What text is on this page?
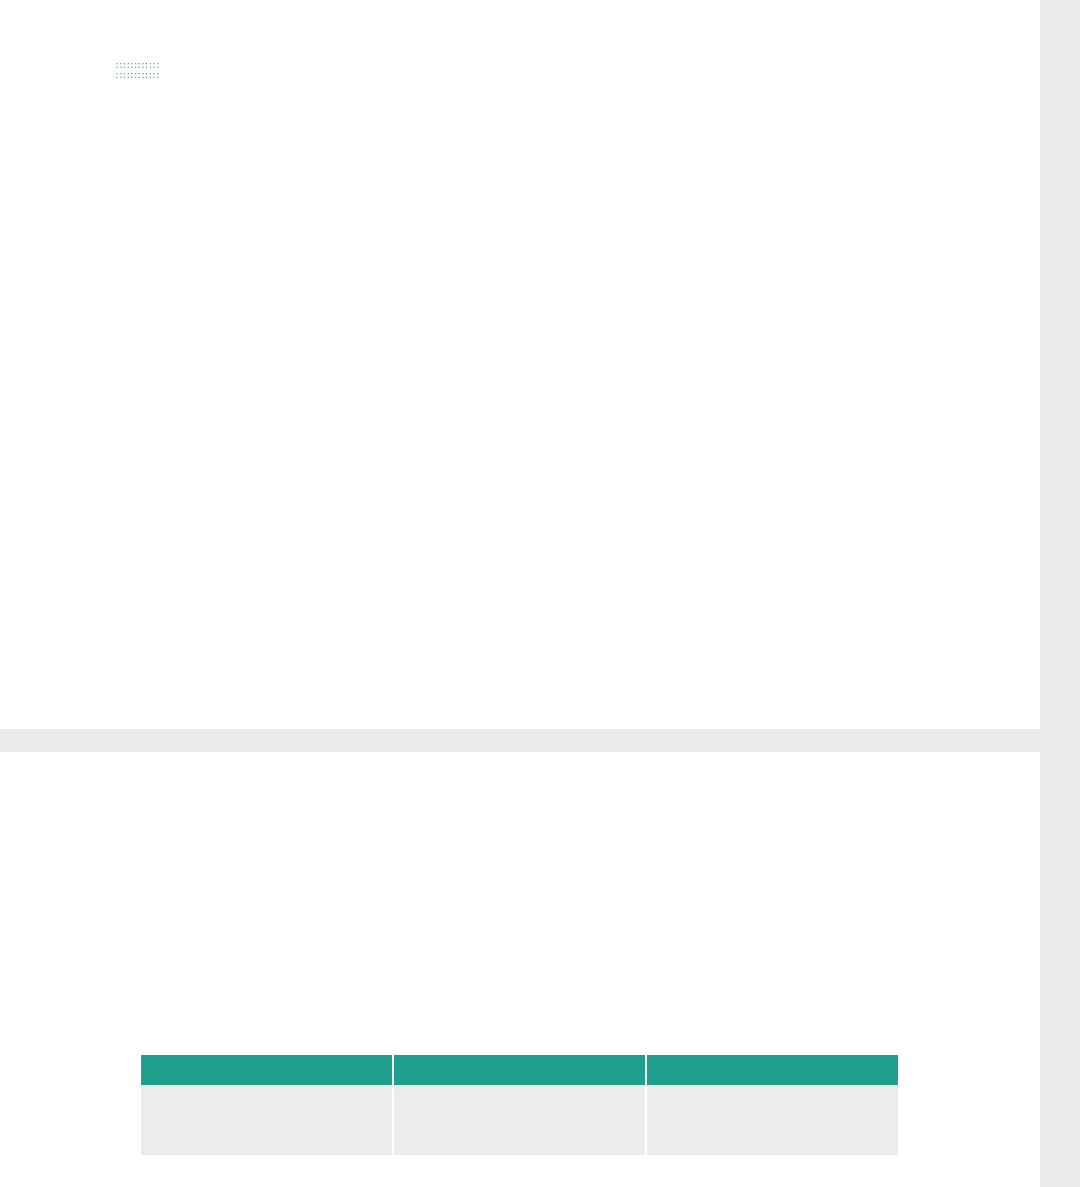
∷∷∷∷∷∷
∷∷∷∷∷∷
